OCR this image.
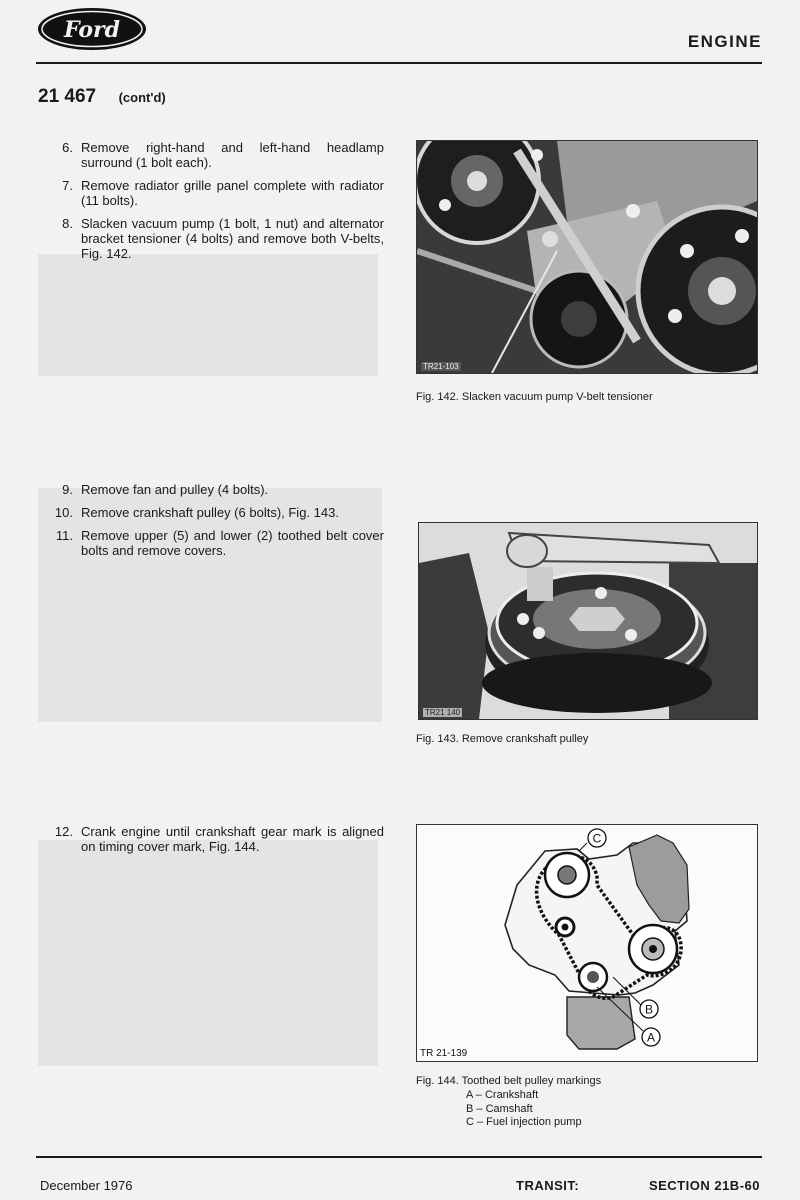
Ford	ENGINE
21 467 (cont'd)
6. Remove right-hand and left-hand headlamp surround (1 bolt each).
7. Remove radiator grille panel complete with radiator (11 bolts).
8. Slacken vacuum pump (1 bolt, 1 nut) and alternator bracket tensioner (4 bolts) and remove both V-belts, Fig. 142.
9. Remove fan and pulley (4 bolts).
10. Remove crankshaft pulley (6 bolts), Fig. 143.
11. Remove upper (5) and lower (2) toothed belt cover bolts and remove covers.
12. Crank engine until crankshaft gear mark is aligned on timing cover mark, Fig. 144.
TR21-103
Fig. 142. Slacken vacuum pump V-belt tensioner
TR21 140
Fig. 143. Remove crankshaft pulley
C
B
A
TR 21-139
Fig. 144. Toothed belt pulley markings
A – Crankshaft
B – Camshaft
C – Fuel injection pump
December 1976	TRANSIT:	SECTION 21B-60
